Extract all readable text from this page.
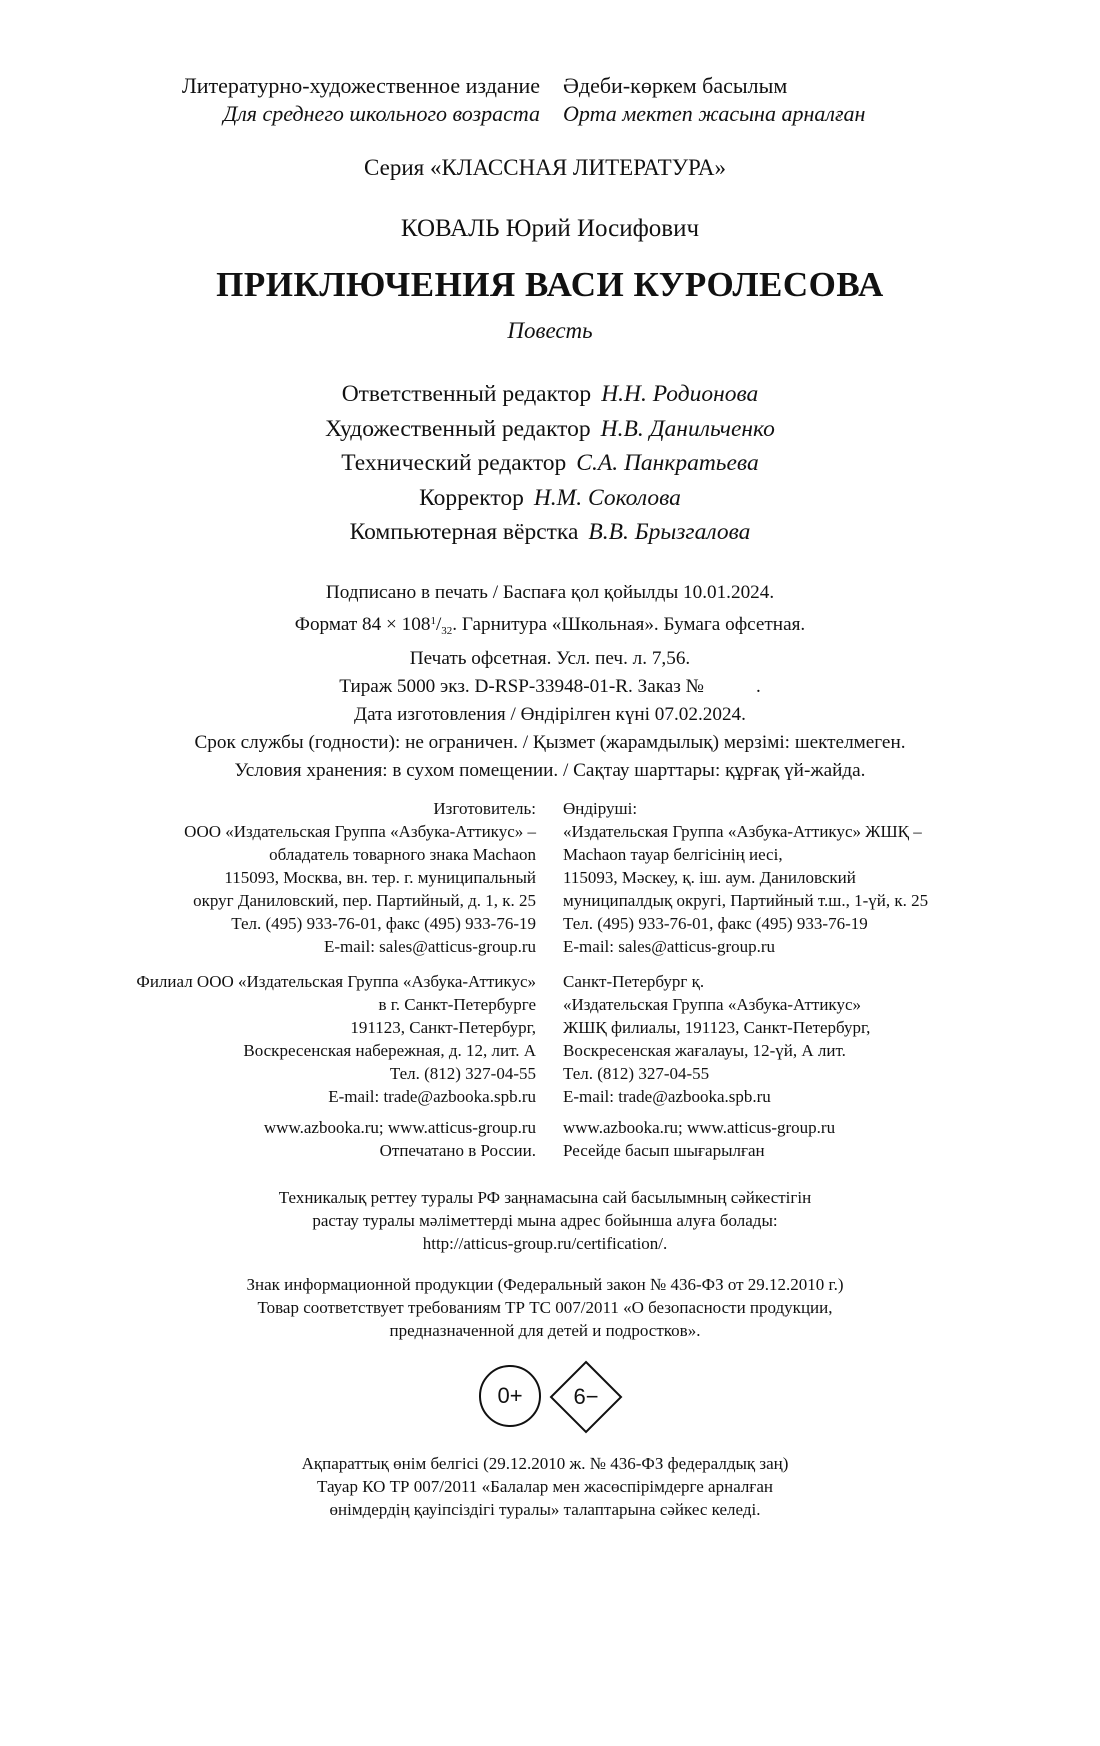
Литературно-художественное издание
Для среднего школьного возраста
Әдеби-көркем басылым
Орта мектеп жасына арналған
Серия «КЛАССНАЯ ЛИТЕРАТУРА»
КОВАЛЬ Юрий Иосифович
ПРИКЛЮЧЕНИЯ ВАСИ КУРОЛЕСОВА
Повесть
Ответственный редактор Н.Н. Родионова
Художественный редактор Н.В. Данильченко
Технический редактор С.А. Панкратьева
Корректор Н.М. Соколова
Компьютерная вёрстка В.В. Брызгалова
Подписано в печать / Баспаға қол қойылды 10.01.2024.
Формат $84 \times 108^1/_{32}$. Гарнитура «Школьная». Бумага офсетная.
Печать офсетная. Усл. печ. л. 7,56.
Тираж 5000 экз. D-RSP-33948-01-R. Заказ №	.
Дата изготовления / Өндірілген күні 07.02.2024.
Срок службы (годности): не ограничен. / Қызмет (жарамдылық) мерзімі: шектелмеген.
Условия хранения: в сухом помещении. / Сақтау шарттары: құрғақ үй-жайда.
Изготовитель:
ООО «Издательская Группа «Азбука-Аттикус» –
обладатель товарного знака Machaon
115093, Москва, вн. тер. г. муниципальный
округ Даниловский, пер. Партийный, д. 1, к. 25
Тел. (495) 933-76-01, факс (495) 933-76-19
E-mail: sales@atticus-group.ru
Өндіруші:
«Издательская Группа «Азбука-Аттикус» ЖШҚ –
Machaon тауар белгісінің иесі,
115093, Мәскеу, қ. іш. аум. Даниловский
муниципалдық округі, Партийный т.ш., 1-үй, к. 25
Тел. (495) 933-76-01, факс (495) 933-76-19
E-mail: sales@atticus-group.ru
Филиал ООО «Издательская Группа «Азбука-Аттикус»
в г. Санкт-Петербурге
191123, Санкт-Петербург,
Воскресенская набережная, д. 12, лит. А
Тел. (812) 327-04-55
E-mail: trade@azbooka.spb.ru
Санкт-Петербург қ.
«Издательская Группа «Азбука-Аттикус»
ЖШҚ филиалы, 191123, Санкт-Петербург,
Воскресенская жағалауы, 12-үй, А лит.
Тел. (812) 327-04-55
E-mail: trade@azbooka.spb.ru
www.azbooka.ru; www.atticus-group.ru
Отпечатано в России.
www.azbooka.ru; www.atticus-group.ru
Ресейде басып шығарылған
Техникалық реттеу туралы РФ заңнамасына сай басылымның сәйкестігін
растау туралы мәліметтерді мына адрес бойынша алуға болады:
http://atticus-group.ru/certification/.
Знак информационной продукции (Федеральный закон № 436-ФЗ от 29.12.2010 г.)
Товар соответствует требованиям ТР ТС 007/2011 «О безопасности продукции,
предназначенной для детей и подростков».
0+	6−
Ақпараттық өнім белгісі (29.12.2010 ж. № 436-ФЗ федералдық заң)
Тауар КО ТР 007/2011 «Балалар мен жасөспірімдерге арналған
өнімдердің қауіпсіздігі туралы» талаптарына сәйкес келеді.
